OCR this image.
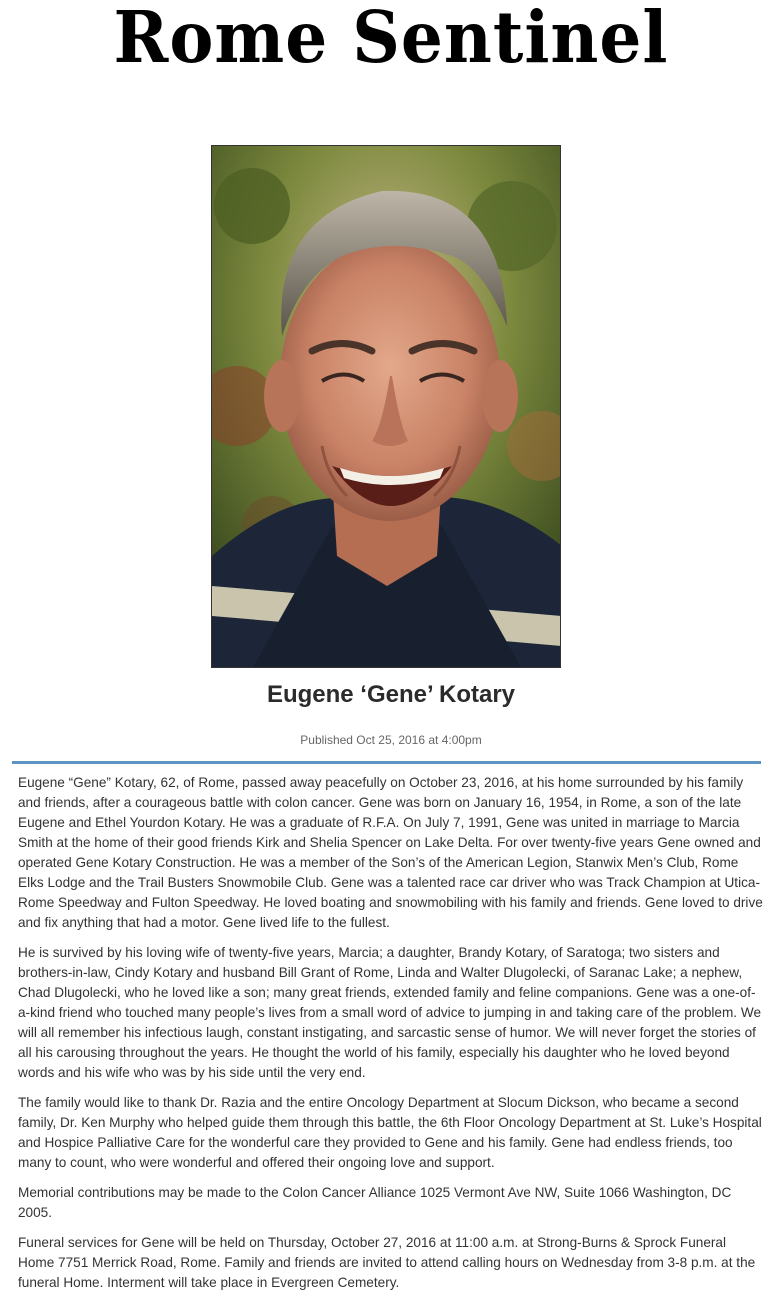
Rome Sentinel
Eugene ‘Gene’ Kotary
Published Oct 25, 2016 at 4:00pm

Eugene “Gene” Kotary, 62, of Rome, passed away peacefully on October 23, 2016, at his home surrounded by his family and friends, after a courageous battle with colon cancer. Gene was born on January 16, 1954, in Rome, a son of the late Eugene and Ethel Yourdon Kotary. He was a graduate of R.F.A. On July 7, 1991, Gene was united in marriage to Marcia Smith at the home of their good friends Kirk and Shelia Spencer on Lake Delta. For over twenty-five years Gene owned and operated Gene Kotary Construction. He was a member of the Son’s of the American Legion, Stanwix Men’s Club, Rome Elks Lodge and the Trail Busters Snowmobile Club. Gene was a talented race car driver who was Track Champion at Utica-Rome Speedway and Fulton Speedway. He loved boating and snowmobiling with his family and friends. Gene loved to drive and fix anything that had a motor. Gene lived life to the fullest.

He is survived by his loving wife of twenty-five years, Marcia; a daughter, Brandy Kotary, of Saratoga; two sisters and brothers-in-law, Cindy Kotary and husband Bill Grant of Rome, Linda and Walter Dlugolecki, of Saranac Lake; a nephew, Chad Dlugolecki, who he loved like a son; many great friends, extended family and feline companions. Gene was a one-of-a-kind friend who touched many people’s lives from a small word of advice to jumping in and taking care of the problem. We will all remember his infectious laugh, constant instigating, and sarcastic sense of humor. We will never forget the stories of all his carousing throughout the years. He thought the world of his family, especially his daughter who he loved beyond words and his wife who was by his side until the very end.

The family would like to thank Dr. Razia and the entire Oncology Department at Slocum Dickson, who became a second family, Dr. Ken Murphy who helped guide them through this battle, the 6th Floor Oncology Department at St. Luke’s Hospital and Hospice Palliative Care for the wonderful care they provided to Gene and his family. Gene had endless friends, too many to count, who were wonderful and offered their ongoing love and support.

Memorial contributions may be made to the Colon Cancer Alliance 1025 Vermont Ave NW, Suite 1066 Washington, DC 2005.

Funeral services for Gene will be held on Thursday, October 27, 2016 at 11:00 a.m. at Strong-Burns & Sprock Funeral Home 7751 Merrick Road, Rome. Family and friends are invited to attend calling hours on Wednesday from 3-8 p.m. at the funeral Home. Interment will take place in Evergreen Cemetery.
